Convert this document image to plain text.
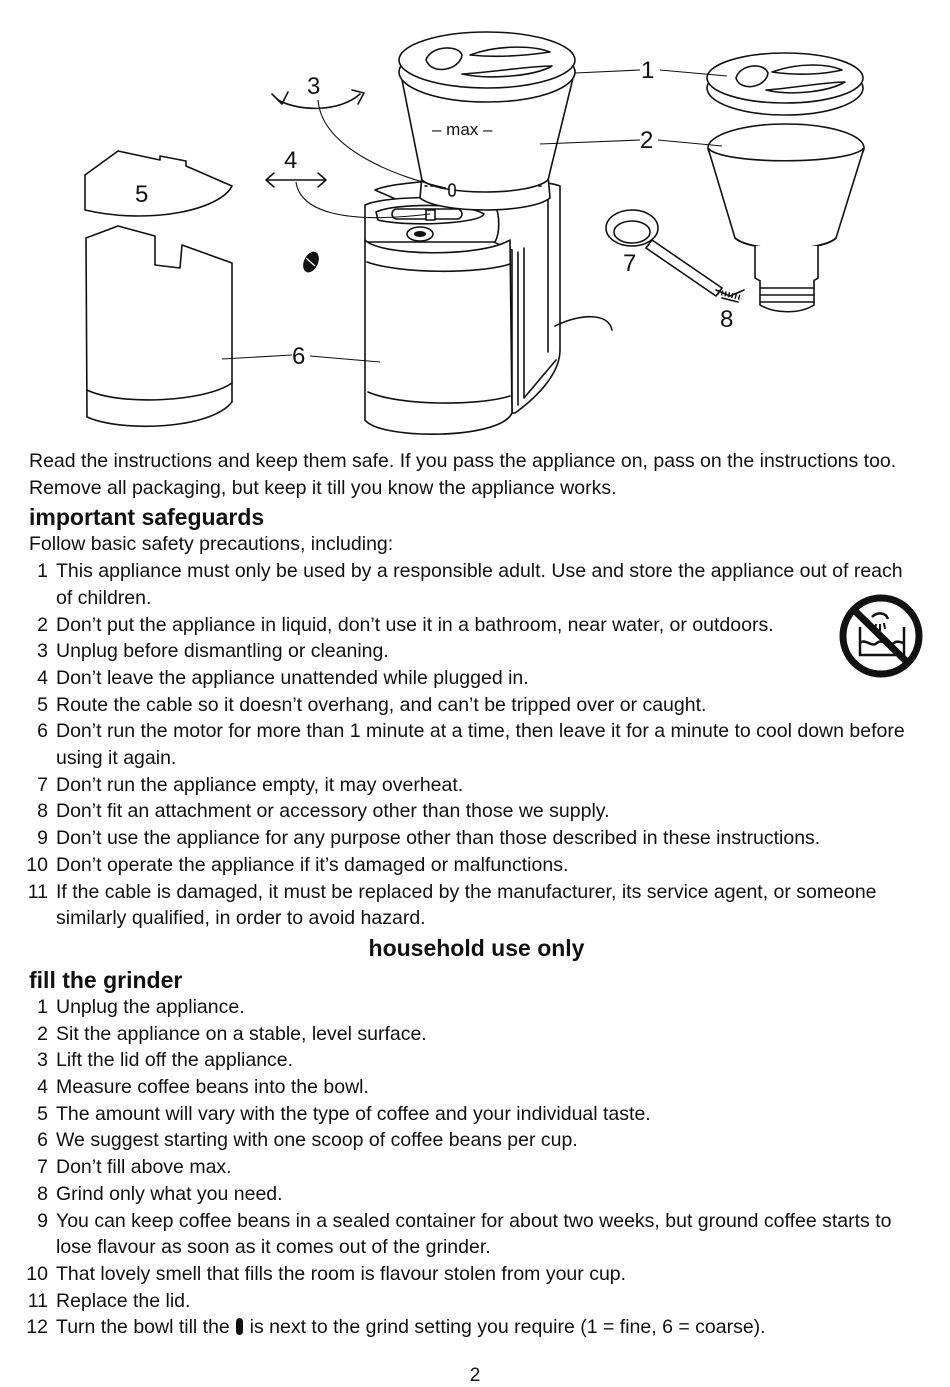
– max –
1
2
3
4
5
6
7
8

Read the instructions and keep them safe. If you pass the appliance on, pass on the instructions too. Remove all packaging, but keep it till you know the appliance works.

important safeguards

Follow basic safety precautions, including:

1 This appliance must only be used by a responsible adult. Use and store the appliance out of reach of children.
2 Don’t put the appliance in liquid, don’t use it in a bathroom, near water, or outdoors.
3 Unplug before dismantling or cleaning.
4 Don’t leave the appliance unattended while plugged in.
5 Route the cable so it doesn’t overhang, and can’t be tripped over or caught.
6 Don’t run the motor for more than 1 minute at a time, then leave it for a minute to cool down before using it again.
7 Don’t run the appliance empty, it may overheat.
8 Don’t fit an attachment or accessory other than those we supply.
9 Don’t use the appliance for any purpose other than those described in these instructions.
10 Don’t operate the appliance if it’s damaged or malfunctions.
11 If the cable is damaged, it must be replaced by the manufacturer, its service agent, or someone similarly qualified, in order to avoid hazard.
household use only
fill the grinder
1 Unplug the appliance.
2 Sit the appliance on a stable, level surface.
3 Lift the lid off the appliance.
4 Measure coffee beans into the bowl.
5 The amount will vary with the type of coffee and your individual taste.
6 We suggest starting with one scoop of coffee beans per cup.
7 Don’t fill above max.
8 Grind only what you need.
9 You can keep coffee beans in a sealed container for about two weeks, but ground coffee starts to lose flavour as soon as it comes out of the grinder.
10 That lovely smell that fills the room is flavour stolen from your cup.
11 Replace the lid.
12 Turn the bowl till the is next to the grind setting you require (1 = fine, 6 = coarse).
2
